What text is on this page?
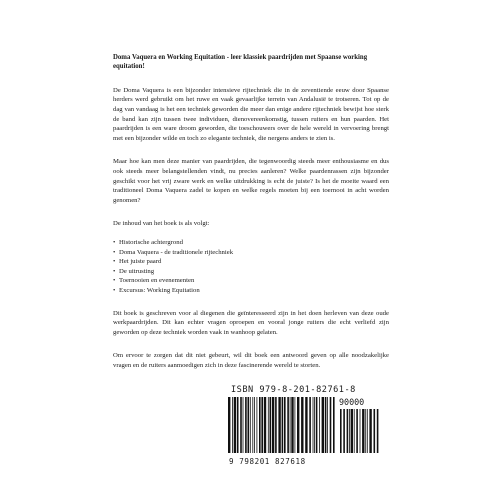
Doma Vaquera en Working Equitation - leer klassiek paardrijden met Spaanse working equitation!

De Doma Vaquera is een bijzonder intensieve rijtechniek die in de zeventiende eeuw door Spaanse herders werd gebruikt om het ruwe en vaak gevaarlijke terrein van Andalusië te trotseren. Tot op de dag van vandaag is het een techniek geworden die meer dan enige andere rijtechniek bewijst hoe sterk de band kan zijn tussen twee individuen, dienovereenkomstig, tussen ruiters en hun paarden. Het paardrijden is een ware droom geworden, die toeschouwers over de hele wereld in vervoering brengt met een bijzonder wilde en toch zo elegante techniek, die nergens anders te zien is.

Maar hoe kan men deze manier van paardrijden, die tegenwoordig steeds meer enthousiasme en dus ook steeds meer belangstellenden vindt, nu precies aanleren? Welke paardenrassen zijn bijzonder geschikt voor het vrij zware werk en welke uitdrukking is echt de juiste? Is het de moeite waard een traditioneel Doma Vaquera zadel te kopen en welke regels moeten bij een toernooi in acht worden genomen?

De inhoud van het boek is als volgt:

• Historische achtergrond
• Doma Vaquera - de traditionele rijtechniek
• Het juiste paard
• De uitrusting
• Toernooien en evenementen
• Excursus: Working Equitation

Dit boek is geschreven voor al diegenen die geïnteresseerd zijn in het doen herleven van deze oude werkpaardrijden. Dit kan echter vragen oproepen en vooral jonge ruiters die echt verliefd zijn geworden op deze techniek worden vaak in wanhoop gelaten.

Om ervoor te zorgen dat dit niet gebeurt, wil dit boek een antwoord geven op alle noodzakelijke vragen en de ruiters aanmoedigen zich in deze fascinerende wereld te storten.

ISBN 979-8-201-82761-8
90000
9 798201 827618
